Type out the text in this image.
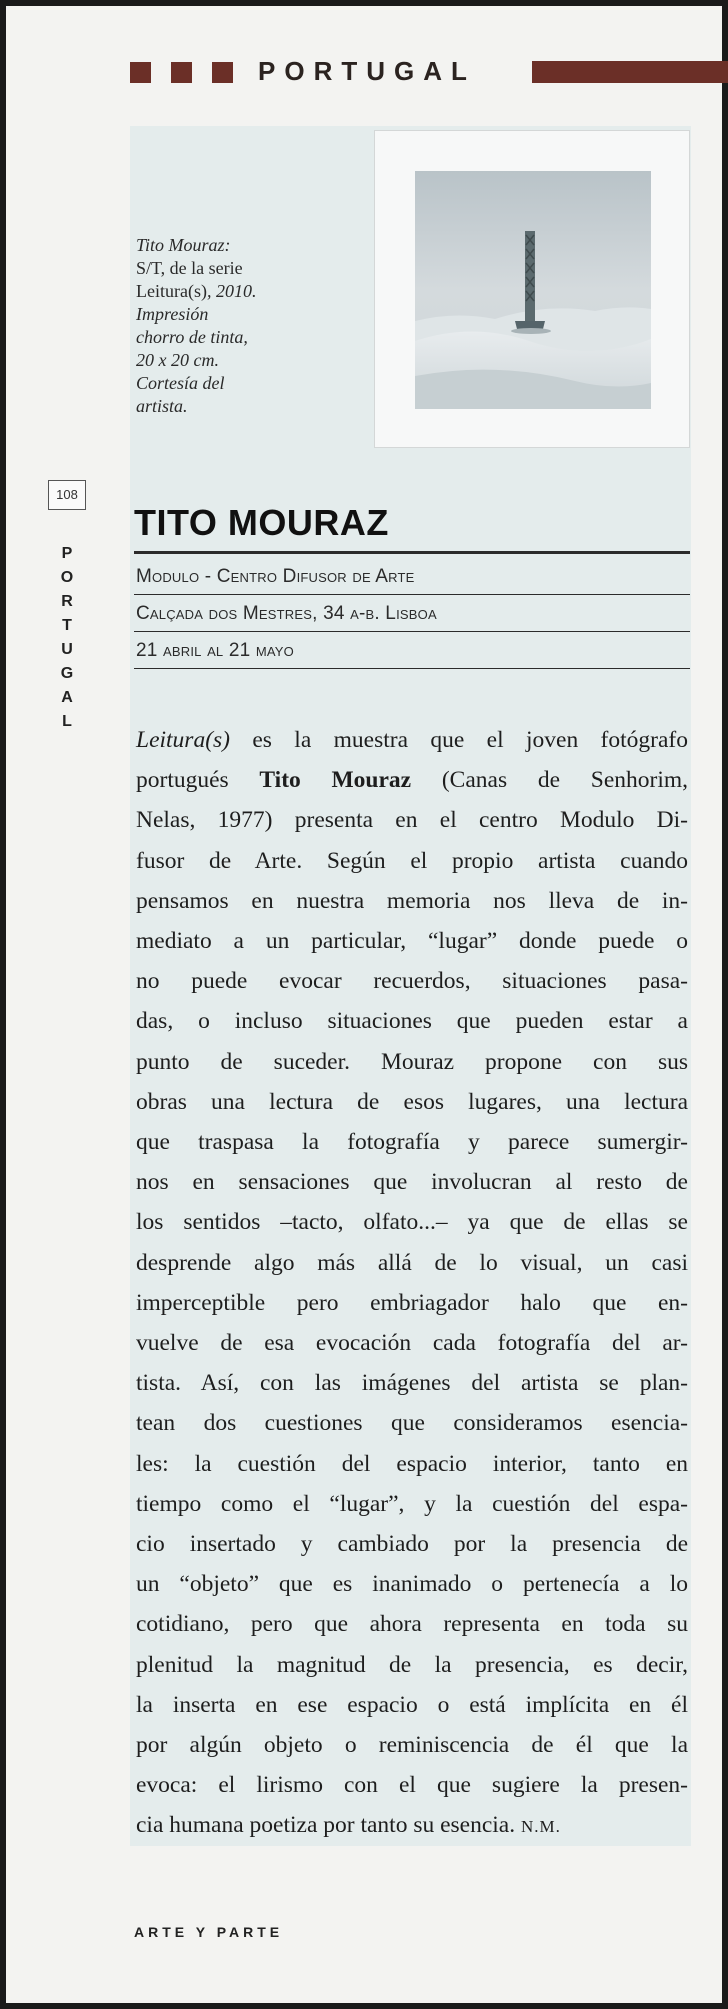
PORTUGAL
Tito Mouraz:
S/T, de la serie
Leitura(s), 2010.
Impresión
chorro de tinta,
20 x 20 cm.
Cortesía del
artista.
108
P
O
R
T
U
G
A
L
TITO MOURAZ
Modulo - Centro Difusor de Arte
Calçada dos Mestres, 34 a-b. Lisboa
21 abril al 21 mayo
Leitura(s) es la muestra que el joven fotógrafo
portugués Tito Mouraz (Canas de Senhorim,
Nelas, 1977) presenta en el centro Modulo Di-
fusor de Arte. Según el propio artista cuando
pensamos en nuestra memoria nos lleva de in-
mediato a un particular, “lugar” donde puede o
no puede evocar recuerdos, situaciones pasa-
das, o incluso situaciones que pueden estar a
punto de suceder. Mouraz propone con sus
obras una lectura de esos lugares, una lectura
que traspasa la fotografía y parece sumergir-
nos en sensaciones que involucran al resto de
los sentidos –tacto, olfato...– ya que de ellas se
desprende algo más allá de lo visual, un casi
imperceptible pero embriagador halo que en-
vuelve de esa evocación cada fotografía del ar-
tista. Así, con las imágenes del artista se plan-
tean dos cuestiones que consideramos esencia-
les: la cuestión del espacio interior, tanto en
tiempo como el “lugar”, y la cuestión del espa-
cio insertado y cambiado por la presencia de
un “objeto” que es inanimado o pertenecía a lo
cotidiano, pero que ahora representa en toda su
plenitud la magnitud de la presencia, es decir,
la inserta en ese espacio o está implícita en él
por algún objeto o reminiscencia de él que la
evoca: el lirismo con el que sugiere la presen-
cia humana poetiza por tanto su esencia. N.M.
ARTE Y PARTE
